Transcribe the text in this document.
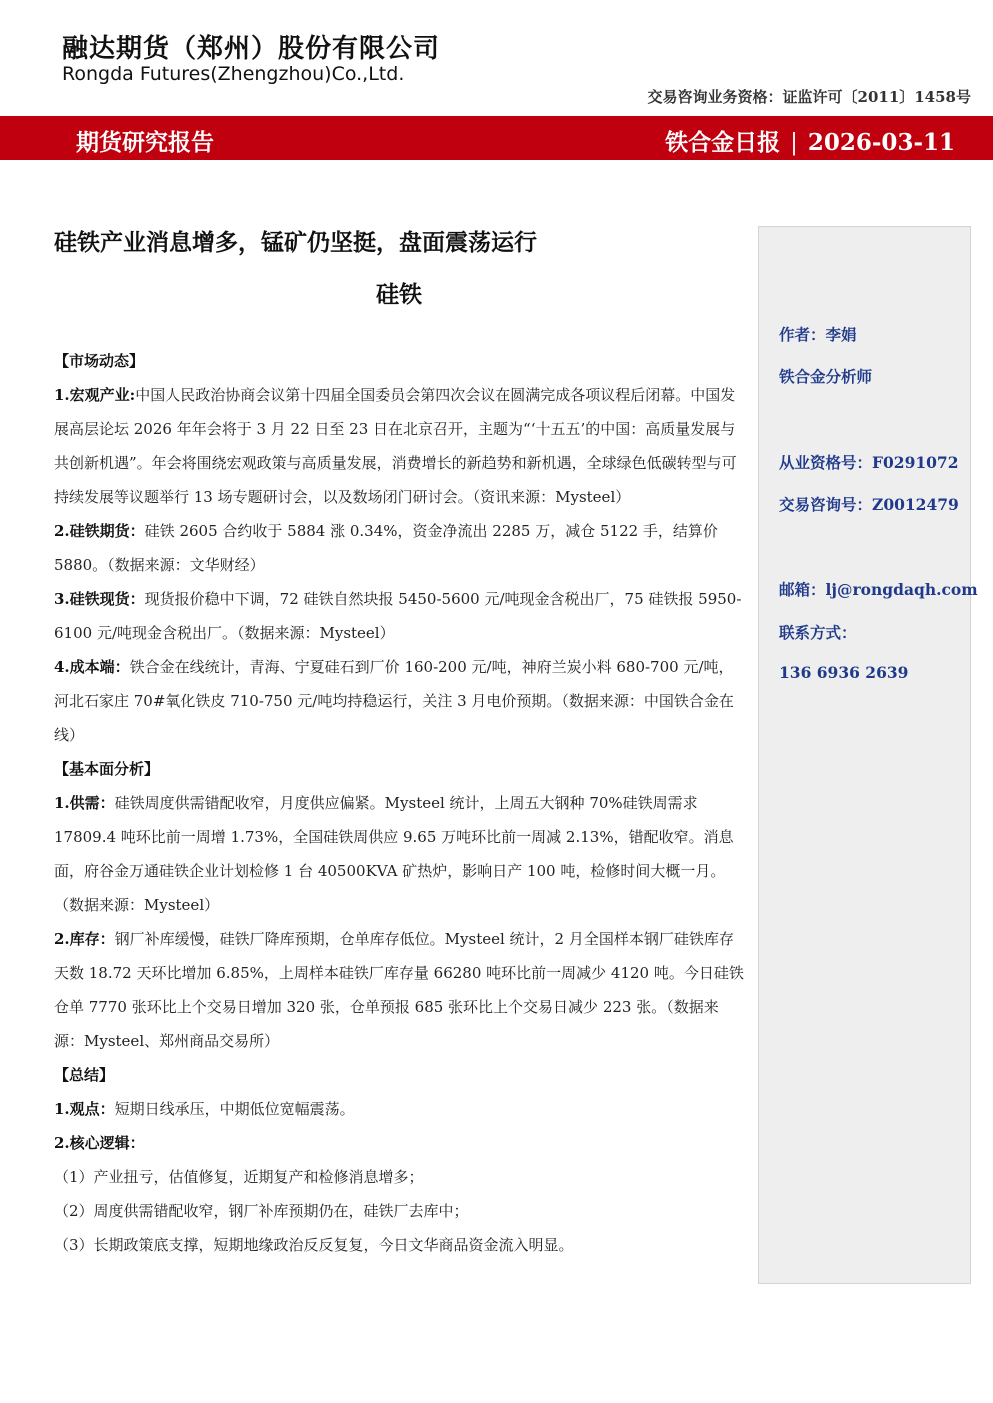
融达期货（郑州）股份有限公司
Rongda Futures(Zhengzhou)Co.,Ltd.
交易咨询业务资格：证监许可〔2011〕1458号
期货研究报告	铁合金日报 | 2026-03-11
硅铁产业消息增多，锰矿仍坚挺，盘面震荡运行
硅铁

【市场动态】

1.宏观产业:中国人民政治协商会议第十四届全国委员会第四次会议在圆满完成各项议程后闭幕。中国发展高层论坛 2026 年年会将于 3 月 22 日至 23 日在北京召开，主题为“‘十五五’的中国：高质量发展与共创新机遇”。年会将围绕宏观政策与高质量发展，消费增长的新趋势和新机遇，全球绿色低碳转型与可持续发展等议题举行 13 场专题研讨会，以及数场闭门研讨会。（资讯来源：Mysteel）

2.硅铁期货：硅铁 2605 合约收于 5884 涨 0.34%，资金净流出 2285 万，减仓 5122 手，结算价 5880。（数据来源：文华财经）

3.硅铁现货：现货报价稳中下调，72 硅铁自然块报 5450-5600 元/吨现金含税出厂，75 硅铁报 5950-6100 元/吨现金含税出厂。（数据来源：Mysteel）

4.成本端：铁合金在线统计，青海、宁夏硅石到厂价 160-200 元/吨，神府兰炭小料 680-700 元/吨，河北石家庄 70#氧化铁皮 710-750 元/吨均持稳运行，关注 3 月电价预期。（数据来源：中国铁合金在线）

【基本面分析】

1.供需：硅铁周度供需错配收窄，月度供应偏紧。Mysteel 统计，上周五大钢种 70%硅铁周需求 17809.4 吨环比前一周增 1.73%，全国硅铁周供应 9.65 万吨环比前一周减 2.13%，错配收窄。消息面，府谷金万通硅铁企业计划检修 1 台 40500KVA 矿热炉，影响日产 100 吨，检修时间大概一月。（数据来源：Mysteel）

2.库存：钢厂补库缓慢，硅铁厂降库预期，仓单库存低位。Mysteel 统计，2 月全国样本钢厂硅铁库存天数 18.72 天环比增加 6.85%，上周样本硅铁厂库存量 66280 吨环比前一周减少 4120 吨。今日硅铁仓单 7770 张环比上个交易日增加 320 张，仓单预报 685 张环比上个交易日减少 223 张。（数据来源：Mysteel、郑州商品交易所）

【总结】

1.观点：短期日线承压，中期低位宽幅震荡。

2.核心逻辑：

（1）产业扭亏，估值修复，近期复产和检修消息增多；

（2）周度供需错配收窄，钢厂补库预期仍在，硅铁厂去库中；

（3）长期政策底支撑，短期地缘政治反反复复，今日文华商品资金流入明显。

作者：李娟
铁合金分析师
从业资格号：F0291072
交易咨询号：Z0012479
邮箱：lj@rongdaqh.com
联系方式：
136 6936 2639
